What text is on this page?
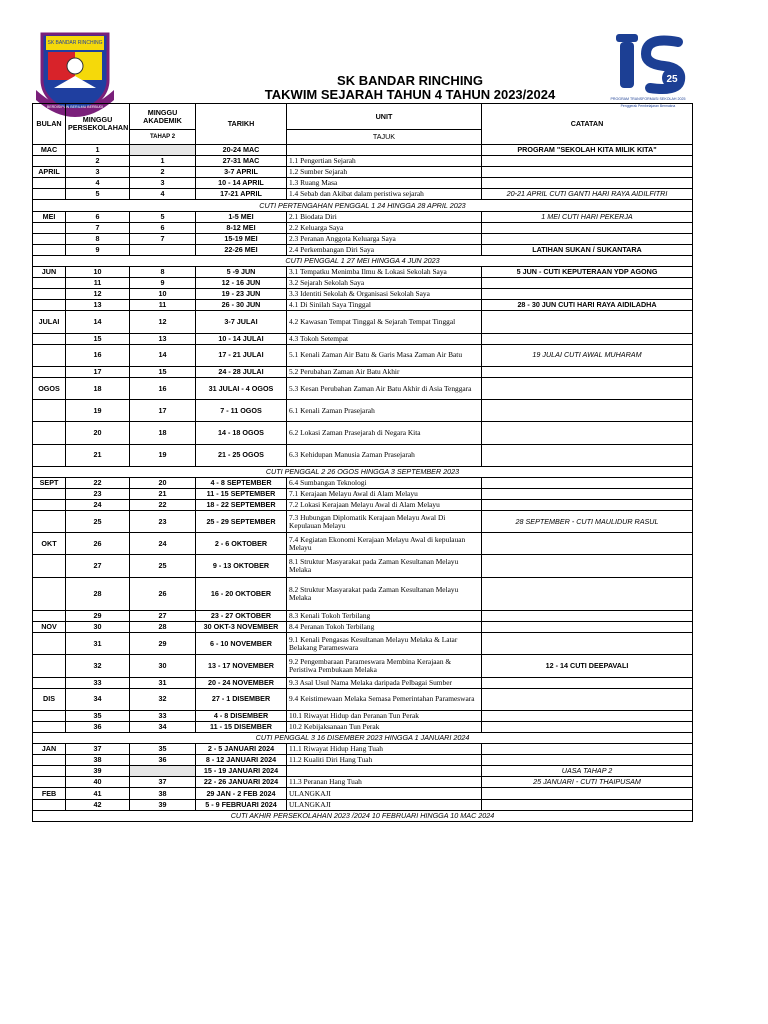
SK BANDAR RINCHING
BERDISIPLIN BERILMU BERBUDI
25
PROGRAM TRANSFORMASI SEKOLAH 2025
Penggerak Pembelajaran Bermakna
SK BANDAR RINCHING
TAKWIM SEJARAH TAHUN 4 TAHUN 2023/2024
BULAN	MINGGU PERSEKOLAHAN	MINGGU AKADEMIK	TARIKH	UNIT	CATATAN
		TAHAP 2		TAJUK	
MAC	1		20-24 MAC		PROGRAM "SEKOLAH KITA MILIK KITA"
	2	1	27-31 MAC	1.1 Pengertian Sejarah	
APRIL	3	2	3-7 APRIL	1.2 Sumber Sejarah	
	4	3	10 - 14 APRIL	1.3 Ruang Masa	
	5	4	17-21 APRIL	1.4 Sebab dan Akibat dalam peristiwa sejarah	20-21 APRIL CUTI GANTI HARI RAYA AIDILFITRI
CUTI PERTENGAHAN PENGGAL 1 24 HINGGA 28 APRIL 2023					
MEI	6	5	1-5 MEI	2.1 Biodata Diri	1 MEI CUTI HARI PEKERJA
	7	6	8-12 MEI	2.2 Keluarga Saya	
	8	7	15-19 MEI	2.3 Peranan Anggota Keluarga Saya	
	9		22-26 MEI	2.4 Perkembangan Diri Saya	LATIHAN SUKAN / SUKANTARA
CUTI PENGGAL 1 27 MEI HINGGA 4 JUN 2023					
JUN	10	8	5 -9 JUN	3.1 Tempatku Menimba Ilmu & Lokasi Sekolah Saya	5 JUN - CUTI KEPUTERAAN YDP AGONG
	11	9	12 - 16 JUN	3.2 Sejarah Sekolah Saya	
	12	10	19 - 23 JUN	3.3 Identiti Sekolah & Organisasi Sekolah Saya	
	13	11	26 - 30 JUN	4.1 Di Sinilah Saya Tinggal	28 - 30 JUN CUTI HARI RAYA AIDILADHA
JULAI	14	12	3-7 JULAI	4.2 Kawasan Tempat Tinggal & Sejarah Tempat Tinggal	
	15	13	10 - 14 JULAI	4.3 Tokoh Setempat	
	16	14	17 - 21 JULAI	5.1 Kenali Zaman Air Batu & Garis Masa Zaman Air Batu	19 JULAI CUTI AWAL MUHARAM
	17	15	24 - 28 JULAI	5.2 Perubahan Zaman Air Batu Akhir	
OGOS	18	16	31 JULAI - 4 OGOS	5.3 Kesan Perubahan Zaman Air Batu Akhir di Asia Tenggara	
	19	17	7 - 11 OGOS	6.1 Kenali Zaman Prasejarah	
	20	18	14 - 18 OGOS	6.2 Lokasi Zaman Prasejarah di Negara Kita	
	21	19	21 - 25 OGOS	6.3 Kehidupan Manusia Zaman Prasejarah	
CUTI PENGGAL 2 26 OGOS HINGGA 3 SEPTEMBER 2023					
SEPT	22	20	4 - 8 SEPTEMBER	6.4 Sumbangan Teknologi	
	23	21	11 - 15 SEPTEMBER	7.1 Kerajaan Melayu Awal di Alam Melayu	
	24	22	18 - 22 SEPTEMBER	7.2 Lokasi Kerajaan Melayu Awal di Alam Melayu	
	25	23	25 - 29 SEPTEMBER	7.3 Hubungan Diplomatik Kerajaan Melayu Awal Di Kepulauan Melayu	28 SEPTEMBER - CUTI MAULIDUR RASUL
OKT	26	24	2 - 6 OKTOBER	7.4 Kegiatan Ekonomi Kerajaan Melayu Awal di kepulauan Melayu	
	27	25	9 - 13 OKTOBER	8.1 Struktur Masyarakat pada Zaman Kesultanan Melayu Melaka	
	28	26	16 - 20 OKTOBER	8.2 Struktur Masyarakat pada Zaman Kesultanan Melayu Melaka	
	29	27	23 - 27 OKTOBER	8.3 Kenali Tokoh Terbilang	
NOV	30	28	30 OKT-3 NOVEMBER	8.4 Peranan Tokoh Terbilang	
	31	29	6 - 10 NOVEMBER	9.1 Kenali Pengasas Kesultanan Melayu Melaka & Latar Belakang Parameswara	
	32	30	13 - 17 NOVEMBER	9.2 Pengembaraan Parameswara Membina Kerajaan & Peristiwa Pembukaan Melaka	12 - 14 CUTI DEEPAVALI
	33	31	20 - 24 NOVEMBER	9.3 Asal Usul Nama Melaka daripada Pelbagai Sumber	
DIS	34	32	27 - 1 DISEMBER	9.4 Keistimewaan Melaka Semasa Pemerintahan Parameswara	
	35	33	4 - 8 DISEMBER	10.1 Riwayat Hidup dan Peranan Tun Perak	
	36	34	11 - 15 DISEMBER	10.2 Kebijaksanaan Tun Perak	
CUTI PENGGAL 3 16 DISEMBER 2023 HINGGA 1 JANUARI 2024					
JAN	37	35	2 - 5 JANUARI 2024	11.1 Riwayat Hidup Hang Tuah	
	38	36	8 - 12 JANUARI 2024	11.2 Kualiti Diri Hang Tuah	
	39		15 - 19 JANUARI 2024		UASA TAHAP 2
	40	37	22 - 26 JANUARI 2024	11.3 Peranan Hang Tuah	25 JANUARI - CUTI THAIPUSAM
FEB	41	38	29 JAN - 2 FEB 2024	ULANGKAJI	
	42	39	5 - 9 FEBRUARI 2024	ULANGKAJI	
CUTI AKHIR PERSEKOLAHAN 2023 /2024 10 FEBRUARI HINGGA 10 MAC 2024					
